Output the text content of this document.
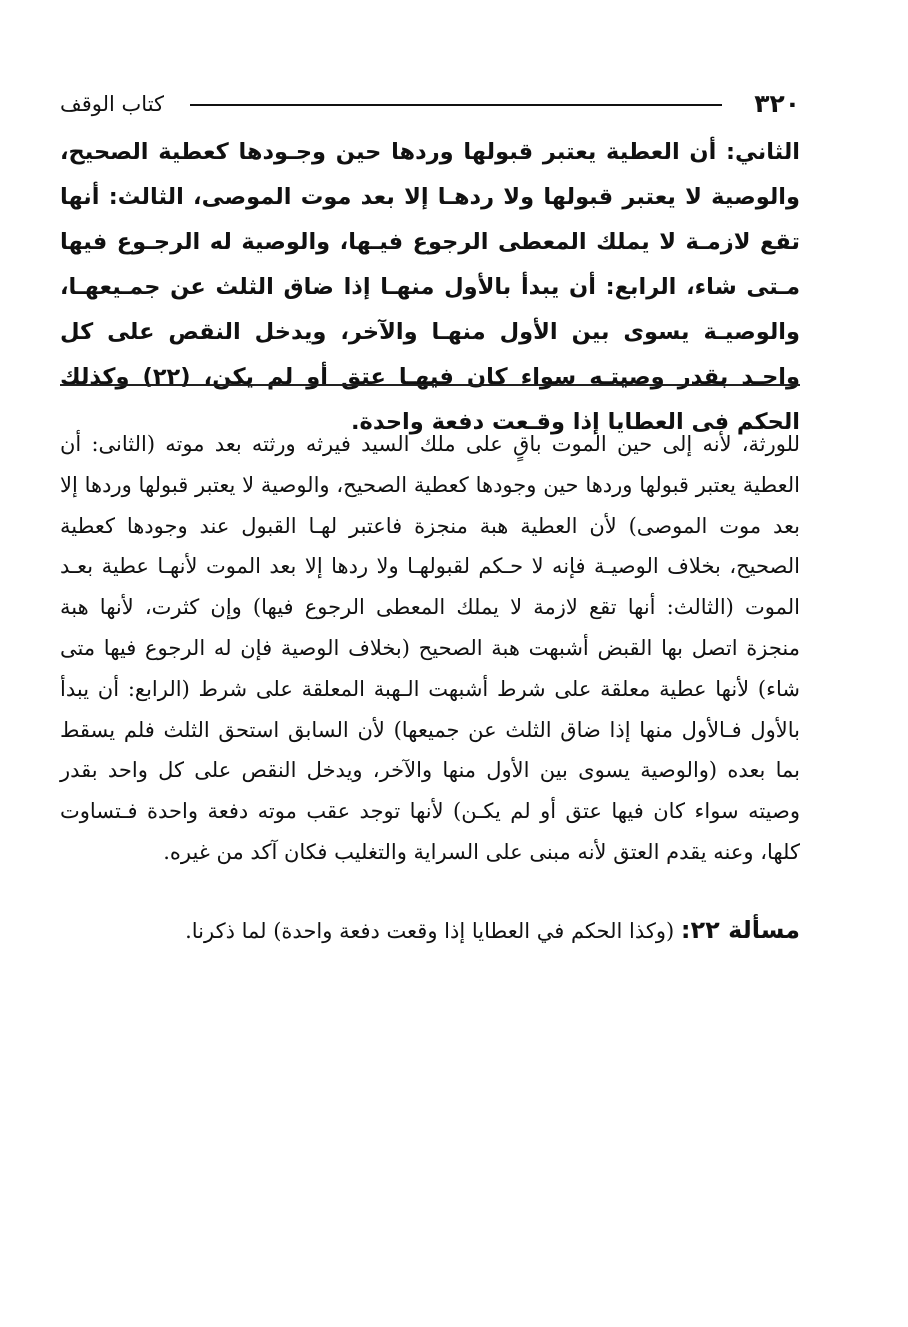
٣٢٠
كتاب الوقف

الثاني: أن العطية يعتبر قبولها وردها حين وجـودها كعطية الصحيح، والوصية لا يعتبر قبولها ولا ردهـا إلا بعد موت الموصى، الثالث: أنها تقع لازمـة لا يملك المعطى الرجوع فيـها، والوصية له الرجـوع فيها مـتى شاء، الرابع: أن يبدأ بالأول منهـا إذا ضاق الثلث عن جمـيعهـا، والوصيـة يسوى بين الأول منهـا والآخر، ويدخل النقص على كل واحـد بقدر وصيتـه سواء كان فيهـا عتق أو لم يكن، (٢٢) وكذلك الحكم فى العطايا إذا وقـعت دفعة واحدة.

للورثة، لأنه إلى حين الموت باقٍ على ملك السيد فيرثه ورثته بعد موته (الثانى: أن العطية يعتبر قبولها وردها حين وجودها كعطية الصحيح، والوصية لا يعتبر قبولها وردها إلا بعد موت الموصى) لأن العطية هبة منجزة فاعتبر لهـا القبول عند وجودها كعطية الصحيح، بخلاف الوصيـة فإنه لا حـكم لقبولهـا ولا ردها إلا بعد الموت لأنهـا عطية بعـد الموت (الثالث: أنها تقع لازمة لا يملك المعطى الرجوع فيها) وإن كثرت، لأنها هبة منجزة اتصل بها القبض أشبهت هبة الصحيح (بخلاف الوصية فإن له الرجوع فيها متى شاء) لأنها عطية معلقة على شرط أشبهت الـهبة المعلقة على شرط (الرابع: أن يبدأ بالأول فـالأول منها إذا ضاق الثلث عن جميعها) لأن السابق استحق الثلث فلم يسقط بما بعده (والوصية يسوى بين الأول منها والآخر، ويدخل النقص على كل واحد بقدر وصيته سواء كان فيها عتق أو لم يكـن) لأنها توجد عقب موته دفعة واحدة فـتساوت كلها، وعنه يقدم العتق لأنه مبنى على السراية والتغليب فكان آكد من غيره.

مسألة ٢٢: (وكذا الحكم في العطايا إذا وقعت دفعة واحدة) لما ذكرنا.
